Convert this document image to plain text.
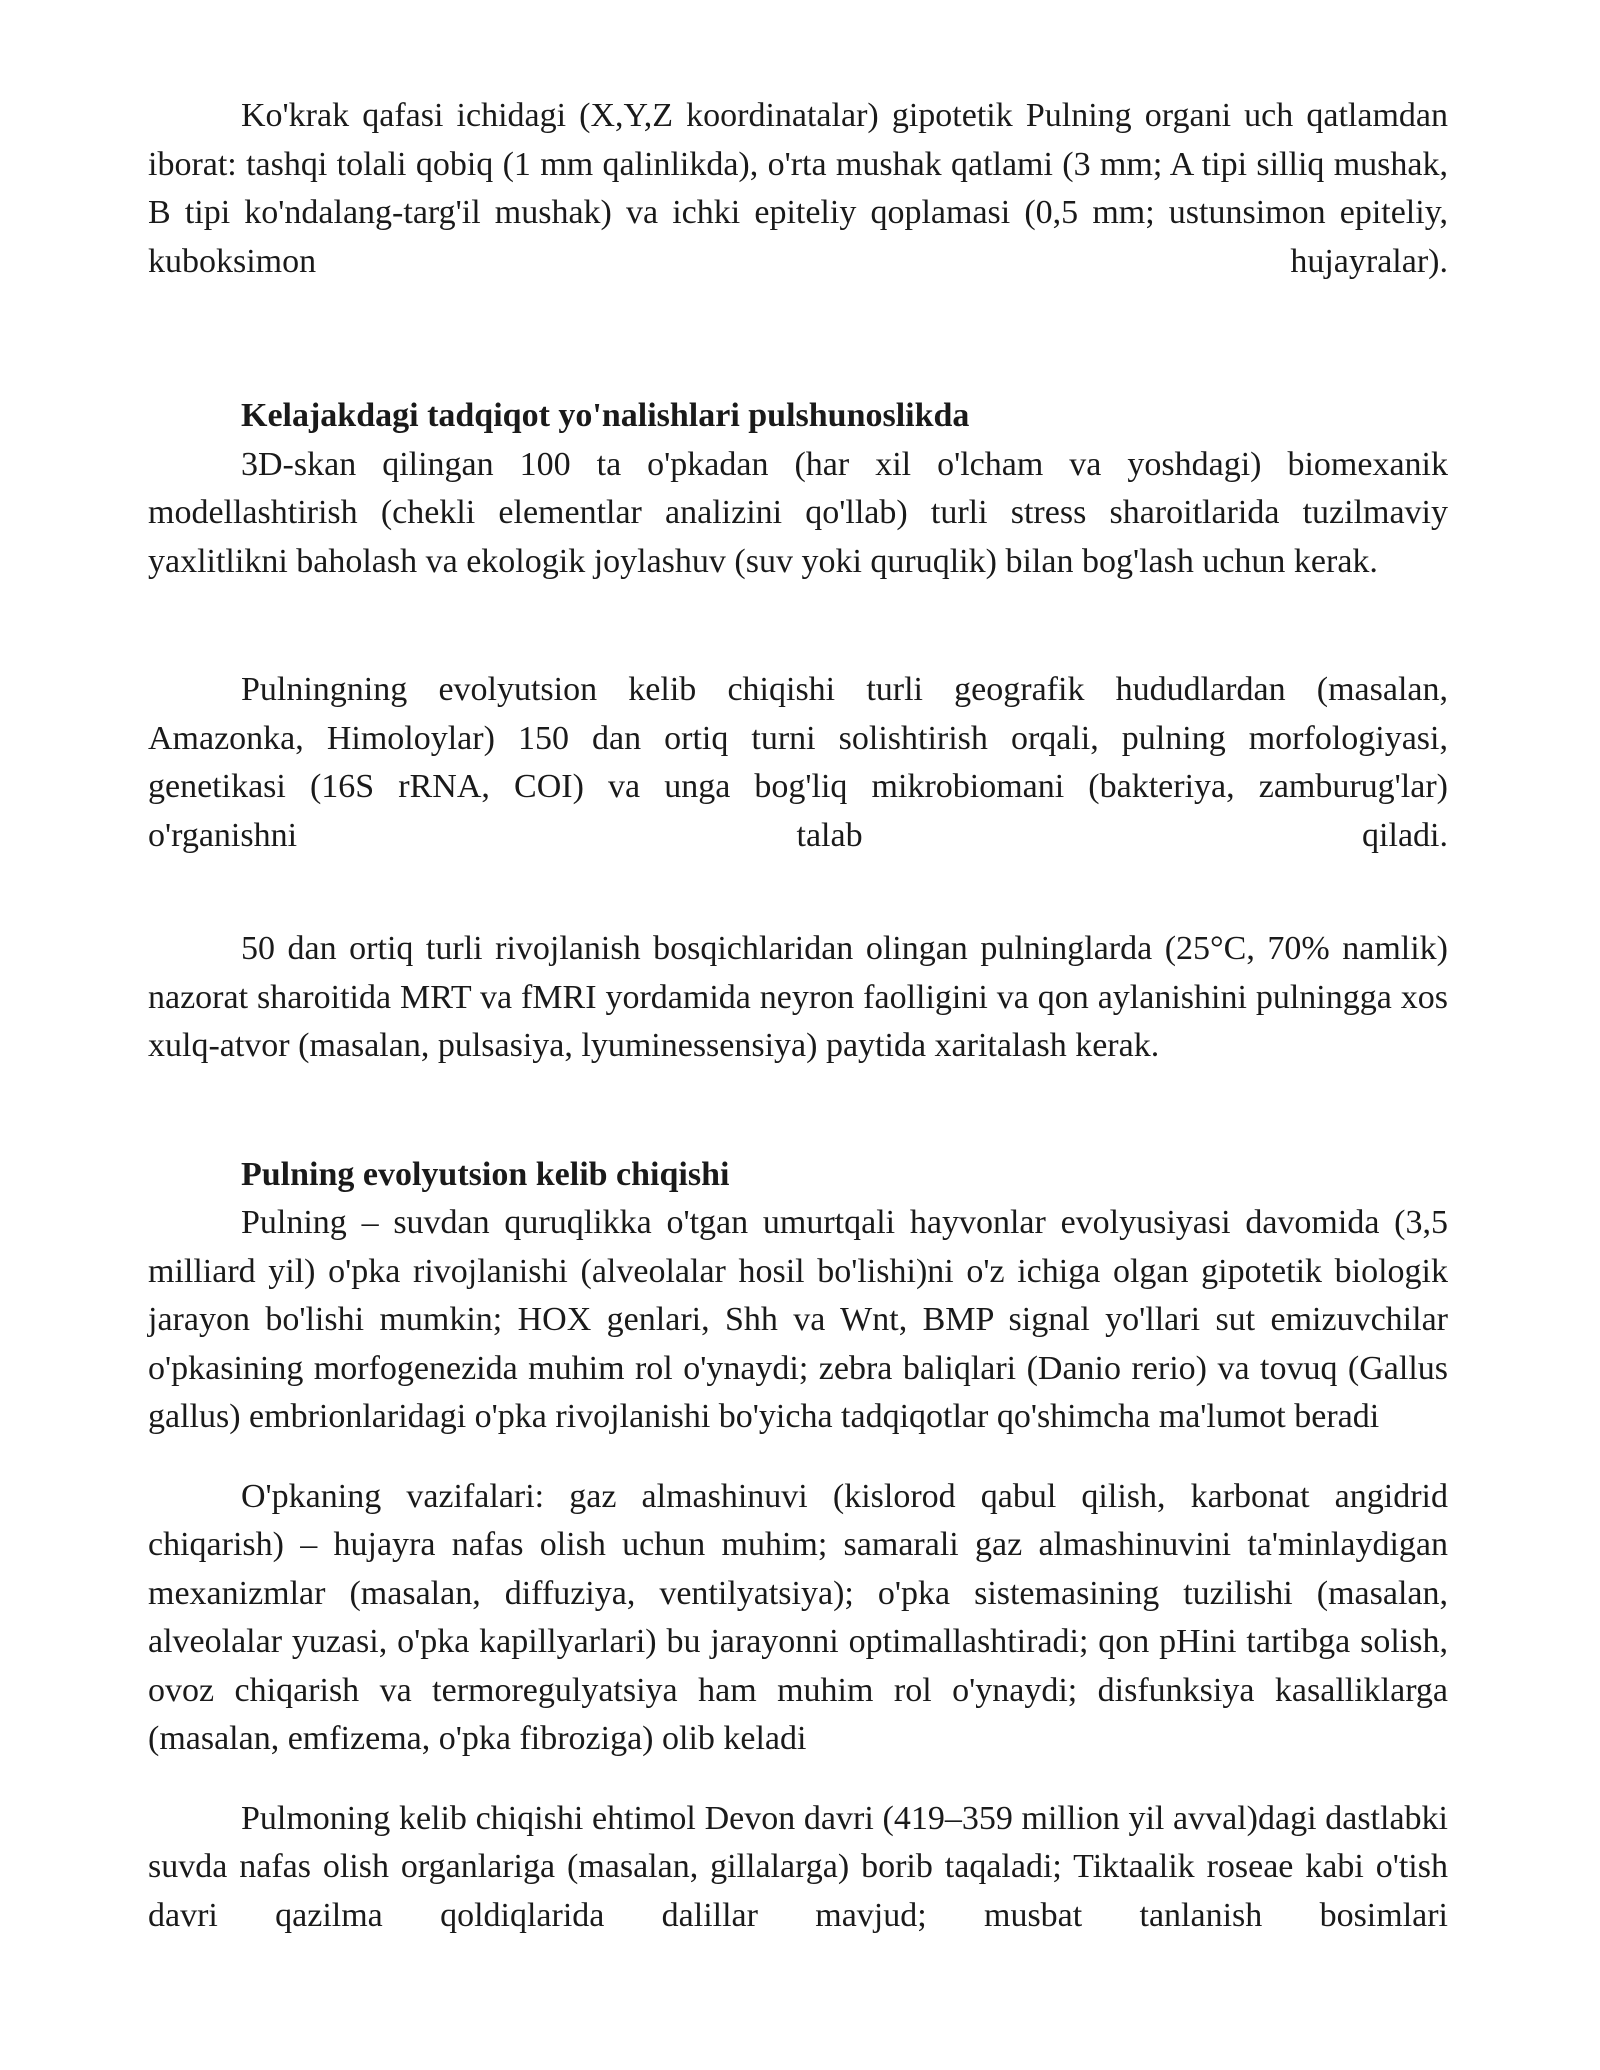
Ko'krak qafasi ichidagi (X,Y,Z koordinatalar) gipotetik Pulning organi uch qatlamdan iborat: tashqi tolali qobiq (1 mm qalinlikda), o'rta mushak qatlami (3 mm; A tipi silliq mushak, B tipi ko'ndalang-targ'il mushak) va ichki epiteliy qoplamasi (0,5 mm; ustunsimon epiteliy, kuboksimon hujayralar).

Kelajakdagi tadqiqot yo'nalishlari pulshunoslikda

3D-skan qilingan 100 ta o'pkadan (har xil o'lcham va yoshdagi) biomexanik modellashtirish (chekli elementlar analizini qo'llab) turli stress sharoitlarida tuzilmaviy yaxlitlikni baholash va ekologik joylashuv (suv yoki quruqlik) bilan bog'lash uchun kerak.

Pulningning evolyutsion kelib chiqishi turli geografik hududlardan (masalan, Amazonka, Himoloylar) 150 dan ortiq turni solishtirish orqali, pulning morfologiyasi, genetikasi (16S rRNA, COI) va unga bog'liq mikrobiomani (bakteriya, zamburug'lar) o'rganishni talab qiladi.

50 dan ortiq turli rivojlanish bosqichlaridan olingan pulninglarda (25°C, 70% namlik) nazorat sharoitida MRT va fMRI yordamida neyron faolligini va qon aylanishini pulningga xos xulq-atvor (masalan, pulsasiya, lyuminessensiya) paytida xaritalash kerak.

Pulning evolyutsion kelib chiqishi

Pulning – suvdan quruqlikka o'tgan umurtqali hayvonlar evolyusiyasi davomida (3,5 milliard yil) o'pka rivojlanishi (alveolalar hosil bo'lishi)ni o'z ichiga olgan gipotetik biologik jarayon bo'lishi mumkin; HOX genlari, Shh va Wnt, BMP signal yo'llari sut emizuvchilar o'pkasining morfogenezida muhim rol o'ynaydi; zebra baliqlari (Danio rerio) va tovuq (Gallus gallus) embrionlaridagi o'pka rivojlanishi bo'yicha tadqiqotlar qo'shimcha ma'lumot beradi

O'pkaning vazifalari: gaz almashinuvi (kislorod qabul qilish, karbonat angidrid chiqarish) – hujayra nafas olish uchun muhim; samarali gaz almashinuvini ta'minlaydigan mexanizmlar (masalan, diffuziya, ventilyatsiya); o'pka sistemasining tuzilishi (masalan, alveolalar yuzasi, o'pka kapillyarlari) bu jarayonni optimallashtiradi; qon pHini tartibga solish, ovoz chiqarish va termoregulyatsiya ham muhim rol o'ynaydi; disfunksiya kasalliklarga (masalan, emfizema, o'pka fibroziga) olib keladi

Pulmoning kelib chiqishi ehtimol Devon davri (419–359 million yil avval)dagi dastlabki suvda nafas olish organlariga (masalan, gillalarga) borib taqaladi; Tiktaalik roseae kabi o'tish davri qazilma qoldiqlarida dalillar mavjud; musbat tanlanish bosimlari
